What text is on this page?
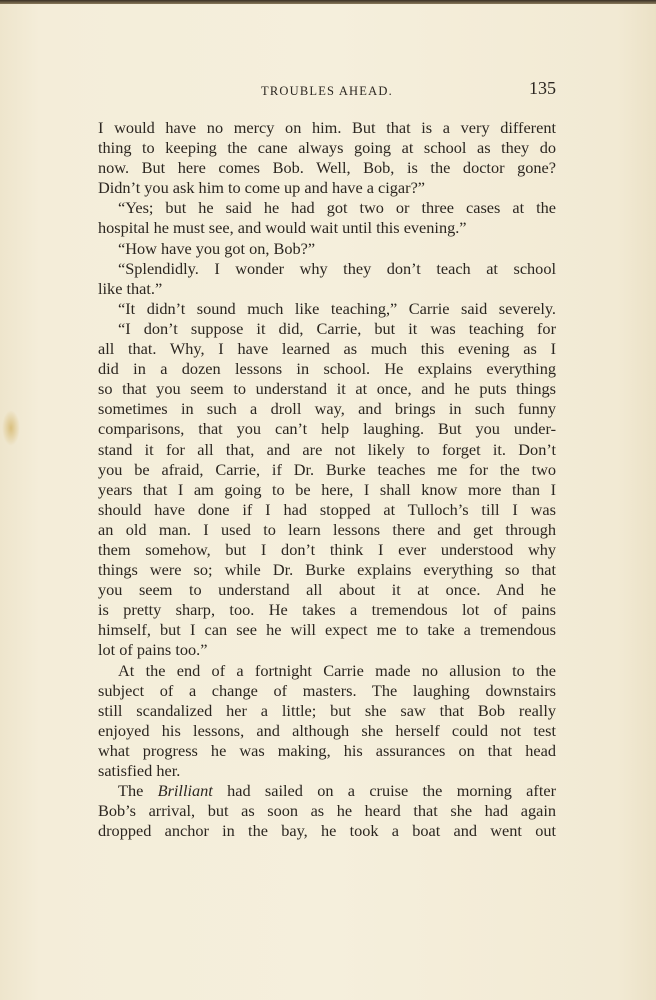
TROUBLES AHEAD.	135
I would have no mercy on him. But that is a very different
thing to keeping the cane always going at school as they do
now. But here comes Bob. Well, Bob, is the doctor gone?
Didn’t you ask him to come up and have a cigar?”
“Yes; but he said he had got two or three cases at the
hospital he must see, and would wait until this evening.”
“How have you got on, Bob?”
“Splendidly. I wonder why they don’t teach at school
like that.”
“It didn’t sound much like teaching,” Carrie said severely.
“I don’t suppose it did, Carrie, but it was teaching for
all that. Why, I have learned as much this evening as I
did in a dozen lessons in school. He explains everything
so that you seem to understand it at once, and he puts things
sometimes in such a droll way, and brings in such funny
comparisons, that you can’t help laughing. But you under-
stand it for all that, and are not likely to forget it. Don’t
you be afraid, Carrie, if Dr. Burke teaches me for the two
years that I am going to be here, I shall know more than I
should have done if I had stopped at Tulloch’s till I was
an old man. I used to learn lessons there and get through
them somehow, but I don’t think I ever understood why
things were so; while Dr. Burke explains everything so that
you seem to understand all about it at once. And he
is pretty sharp, too. He takes a tremendous lot of pains
himself, but I can see he will expect me to take a tremendous
lot of pains too.”
At the end of a fortnight Carrie made no allusion to the
subject of a change of masters. The laughing downstairs
still scandalized her a little; but she saw that Bob really
enjoyed his lessons, and although she herself could not test
what progress he was making, his assurances on that head
satisfied her.
The Brilliant had sailed on a cruise the morning after
Bob’s arrival, but as soon as he heard that she had again
dropped anchor in the bay, he took a boat and went out
